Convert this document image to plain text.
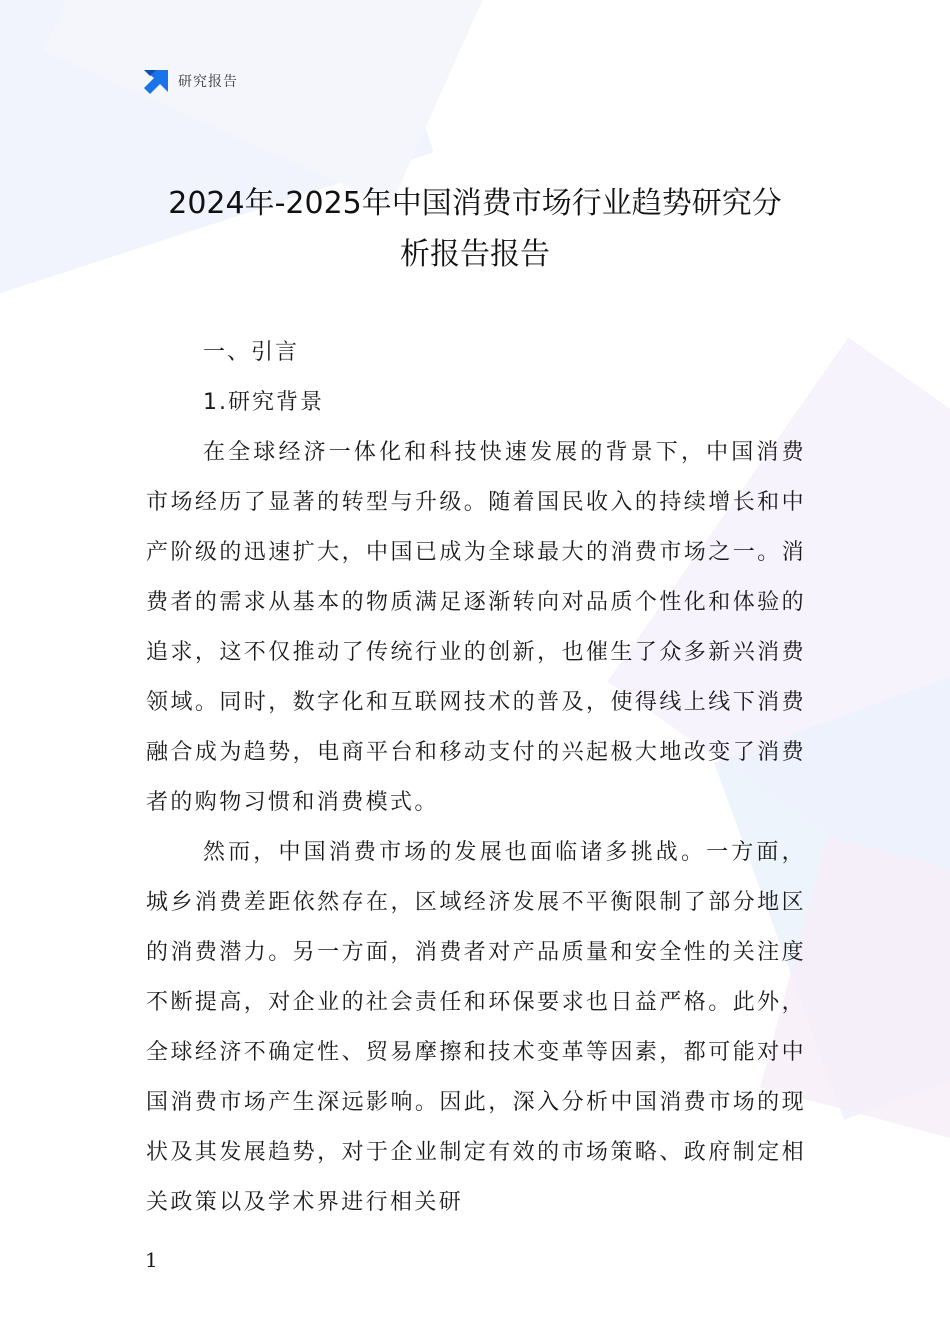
研究报告
2024年-2025年中国消费市场行业趋势研究分
析报告报告
一、引言
1.研究背景

在全球经济一体化和科技快速发展的背景下，中国消费市场经历了显著的转型与升级。随着国民收入的持续增长和中产阶级的迅速扩大，中国已成为全球最大的消费市场之一。消费者的需求从基本的物质满足逐渐转向对品质个性化和体验的追求，这不仅推动了传统行业的创新，也催生了众多新兴消费领域。同时，数字化和互联网技术的普及，使得线上线下消费融合成为趋势，电商平台和移动支付的兴起极大地改变了消费者的购物习惯和消费模式。

然而，中国消费市场的发展也面临诸多挑战。一方面，城乡消费差距依然存在，区域经济发展不平衡限制了部分地区的消费潜力。另一方面，消费者对产品质量和安全性的关注度不断提高，对企业的社会责任和环保要求也日益严格。此外，全球经济不确定性、贸易摩擦和技术变革等因素，都可能对中国消费市场产生深远影响。因此，深入分析中国消费市场的现状及其发展趋势，对于企业制定有效的市场策略、政府制定相关政策以及学术界进行相关研

1
